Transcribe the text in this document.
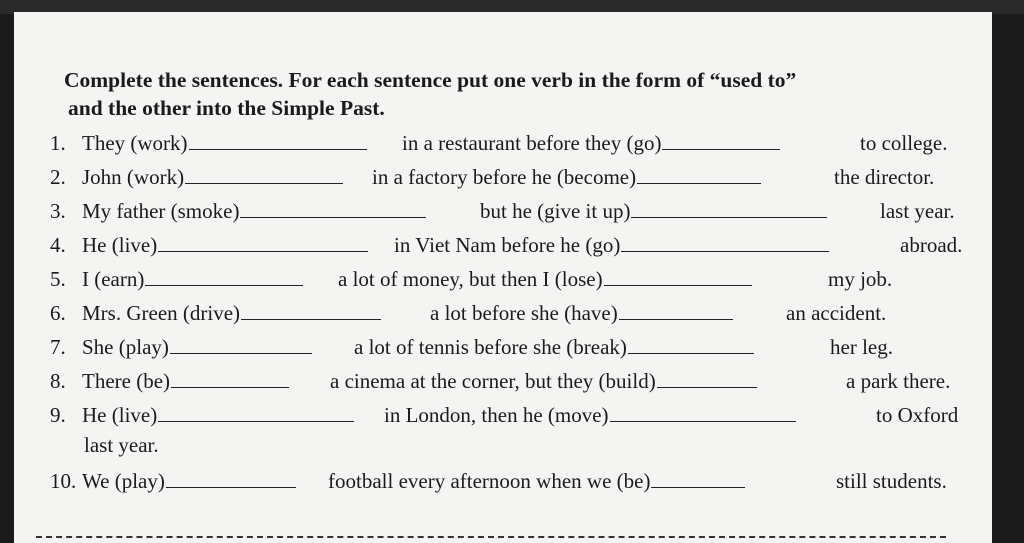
Complete the sentences. For each sentence put one verb in the form of “used to”
and the other into the Simple Past.
1. They (work)	in a restaurant before they (go)	to college.
2. John (work)	in a factory before he (become)	the director.
3. My father (smoke)	but he (give it up)	last year.
4. He (live)	in Viet Nam before he (go)	abroad.
5. I (earn)	a lot of money, but then I (lose)	my job.
6. Mrs. Green (drive)	a lot before she (have)	an accident.
7. She (play)	a lot of tennis before she (break)	her leg.
8. There (be)	a cinema at the corner, but they (build)	a park there.
9. He (live)	in London, then he (move)	to Oxford
last year.
10. We (play)	football every afternoon when we (be)	still students.
